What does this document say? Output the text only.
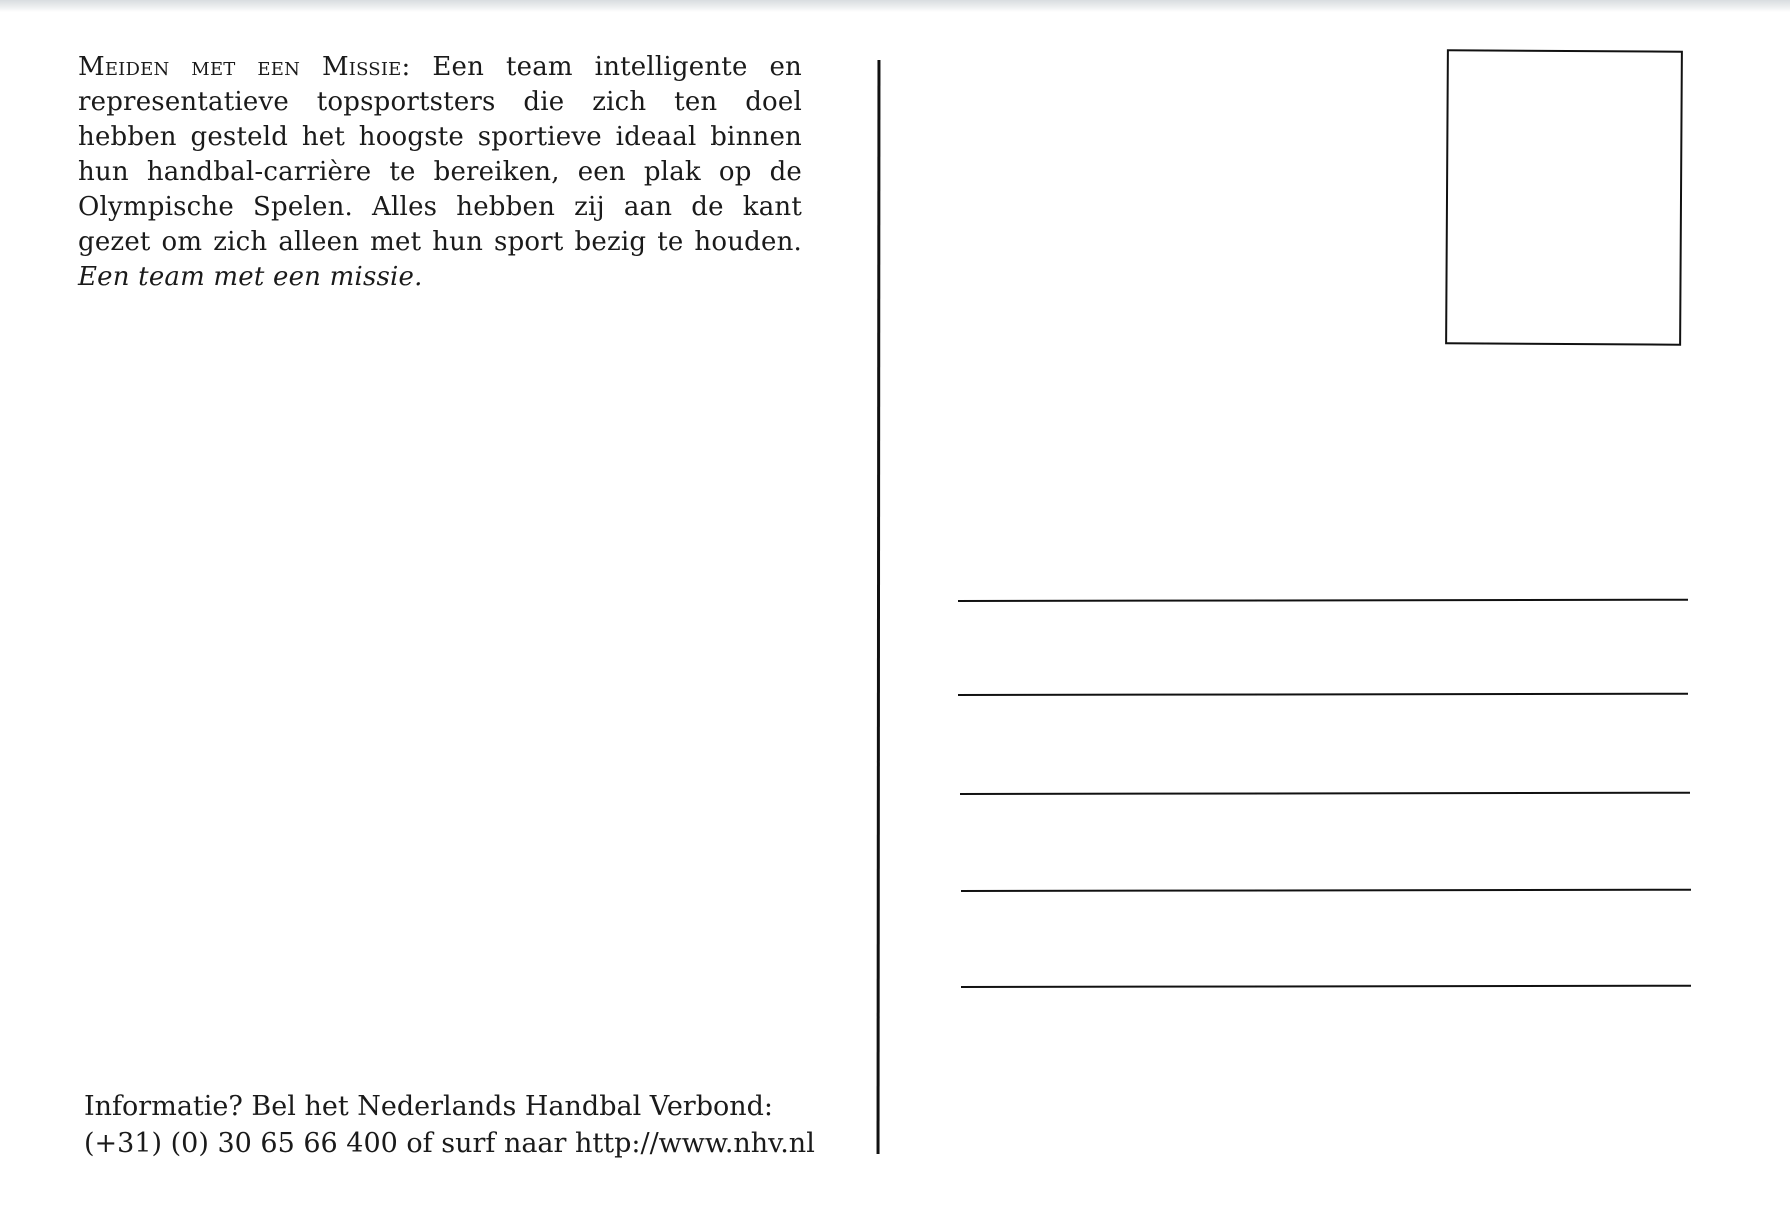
Meiden met een Missie: Een team intelligente en representatieve topsportsters die zich ten doel hebben gesteld het hoogste sportieve ideaal binnen hun handbal-carrière te bereiken, een plak op de Olympische Spelen. Alles hebben zij aan de kant gezet om zich alleen met hun sport bezig te houden. Een team met een missie.
Informatie? Bel het Nederlands Handbal Verbond:
(+31) (0) 30 65 66 400 of surf naar http://www.nhv.nl
